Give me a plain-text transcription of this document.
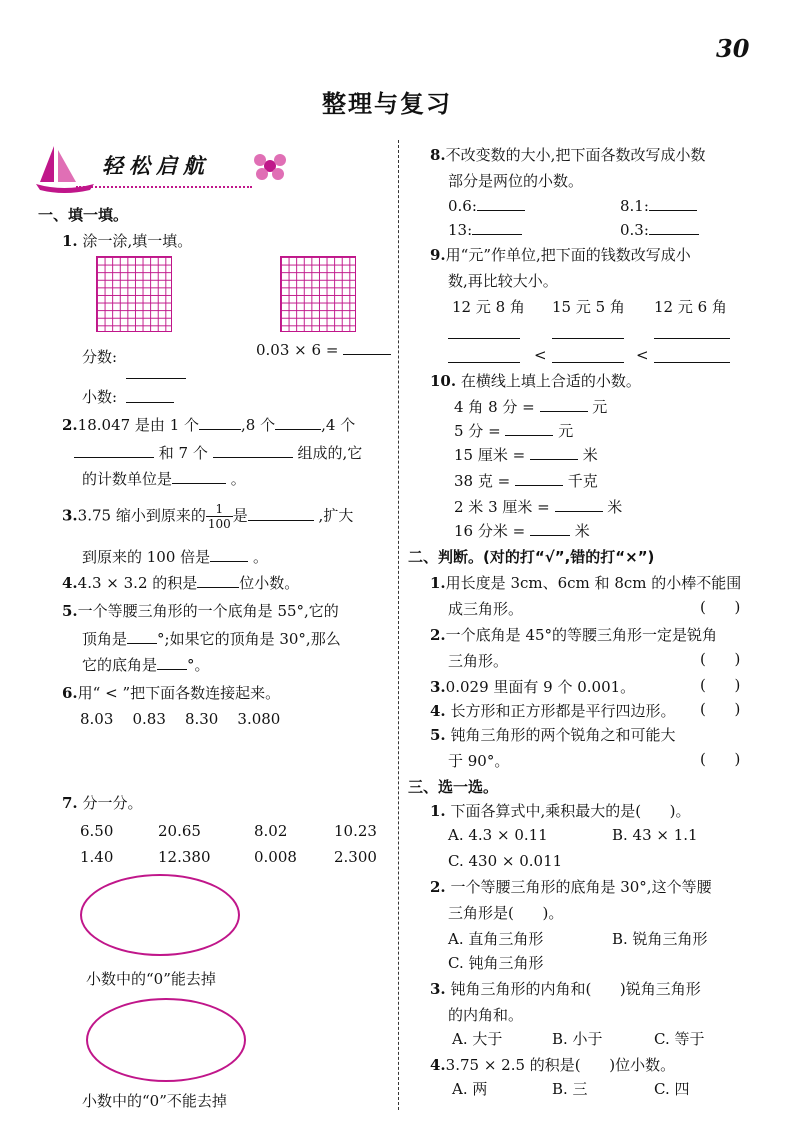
30
整理与复习
轻松启航
一、填一填。
1. 涂一涂,填一填。
分数:	0.03 × 6 =
小数:
2.18.047 是由 1 个	,8 个	,4 个
和 7 个	组成的,它
的计数单位是	。
3.3.75 缩小到原来的 $\frac{1}{100}$ 是	,扩大
到原来的 100 倍是	。
4.4.3 × 3.2 的积是	位小数。
5.一个等腰三角形的一个底角是 55°,它的
顶角是 °;如果它的顶角是 30°,那么
它的底角是 °。
6.用“ < ”把下面各数连接起来。
8.03    0.83    8.30    3.080
7. 分一分。
6.50	20.65	8.02	10.23
1.40	12.380	0.008 2.300
小数中的“0”能去掉
小数中的“0”不能去掉
8.不改变数的大小,把下面各数改写成小数
部分是两位的小数。
0.6:	8.1:
13:	0.3:
9.用“元”作单位,把下面的钱数改写成小
数,再比较大小。
12 元 8 角 15 元 5 角 12 元 6 角
<	<
10. 在横线上填上合适的小数。
4 角 8 分 =	元
5 分 =	元
15 厘米 =	米
38 克 =	千克
2 米 3 厘米 =	米
16 分米 =	米
二、判断。(对的打“√”,错的打“×”)
1.用长度是 3cm、6cm 和 8cm 的小棒不能围
成三角形。	(      )
2.一个底角是 45°的等腰三角形一定是锐角
三角形。	(      )
3.0.029 里面有 9 个 0.001。	(      )
4. 长方形和正方形都是平行四边形。 (      )
5. 钝角三角形的两个锐角之和可能大
于 90°。	(      )
三、选一选。
1. 下面各算式中,乘积最大的是(      )。
A. 4.3 × 0.11	B. 43 × 1.1
C. 430 × 0.011
2. 一个等腰三角形的底角是 30°,这个等腰
三角形是(      )。
A. 直角三角形	B. 锐角三角形
C. 钝角三角形
3. 钝角三角形的内角和(      )锐角三角形
的内角和。
A. 大于	B. 小于	C. 等于
4.3.75 × 2.5 的积是(      )位小数。
A. 两	B. 三	C. 四
